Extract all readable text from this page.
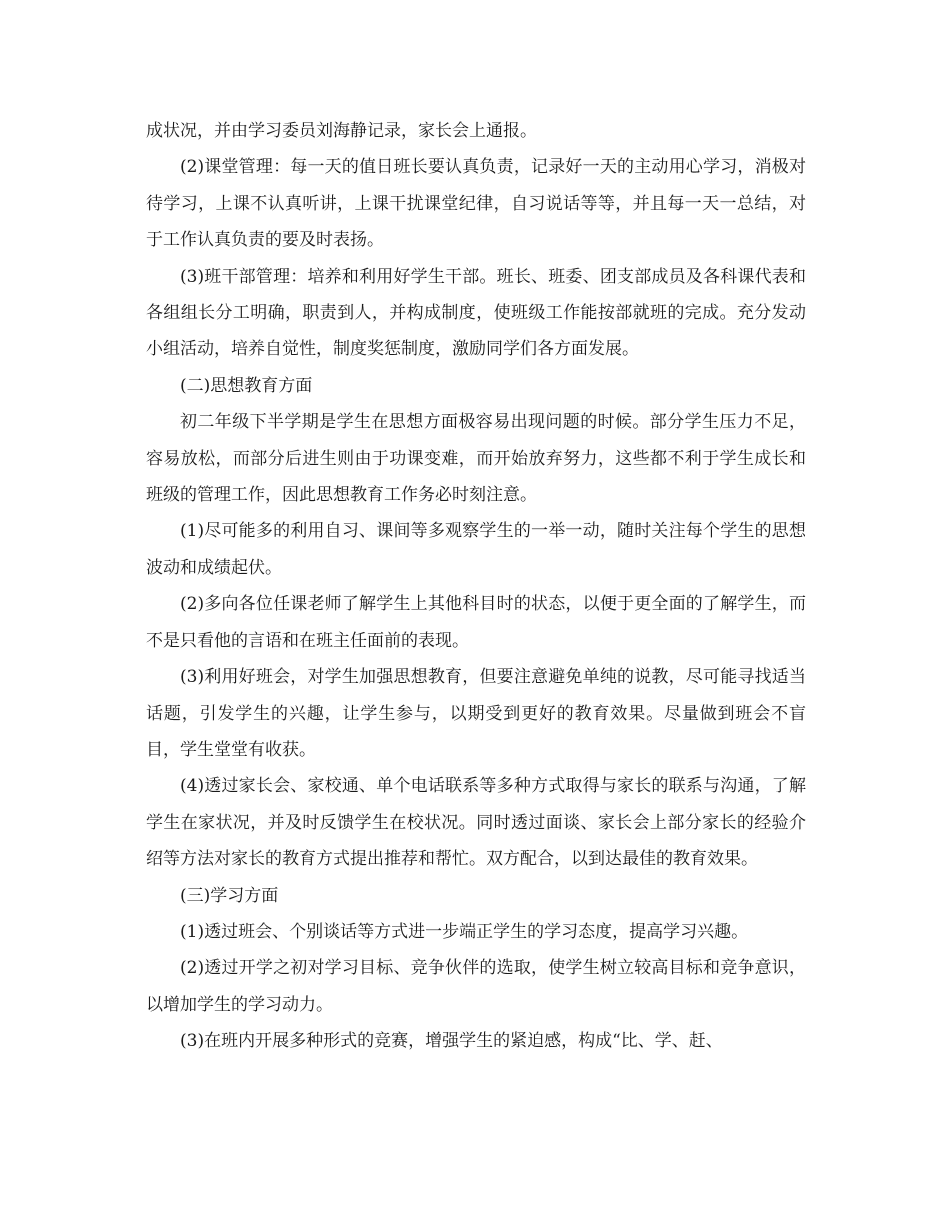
成状况，并由学习委员刘海静记录，家长会上通报。

(2)课堂管理：每一天的值日班长要认真负责，记录好一天的主动用心学习，消极对待学习，上课不认真听讲，上课干扰课堂纪律，自习说话等等，并且每一天一总结，对于工作认真负责的要及时表扬。

(3)班干部管理：培养和利用好学生干部。班长、班委、团支部成员及各科课代表和各组组长分工明确，职责到人，并构成制度，使班级工作能按部就班的完成。充分发动小组活动，培养自觉性，制度奖惩制度，激励同学们各方面发展。

(二)思想教育方面

初二年级下半学期是学生在思想方面极容易出现问题的时候。部分学生压力不足，容易放松，而部分后进生则由于功课变难，而开始放弃努力，这些都不利于学生成长和班级的管理工作，因此思想教育工作务必时刻注意。

(1)尽可能多的利用自习、课间等多观察学生的一举一动，随时关注每个学生的思想波动和成绩起伏。

(2)多向各位任课老师了解学生上其他科目时的状态，以便于更全面的了解学生，而不是只看他的言语和在班主任面前的表现。

(3)利用好班会，对学生加强思想教育，但要注意避免单纯的说教，尽可能寻找适当话题，引发学生的兴趣，让学生参与，以期受到更好的教育效果。尽量做到班会不盲目，学生堂堂有收获。

(4)透过家长会、家校通、单个电话联系等多种方式取得与家长的联系与沟通，了解学生在家状况，并及时反馈学生在校状况。同时透过面谈、家长会上部分家长的经验介绍等方法对家长的教育方式提出推荐和帮忙。双方配合，以到达最佳的教育效果。

(三)学习方面

(1)透过班会、个别谈话等方式进一步端正学生的学习态度，提高学习兴趣。

(2)透过开学之初对学习目标、竞争伙伴的选取，使学生树立较高目标和竞争意识，以增加学生的学习动力。

(3)在班内开展多种形式的竞赛，增强学生的紧迫感，构成“比、学、赶、
